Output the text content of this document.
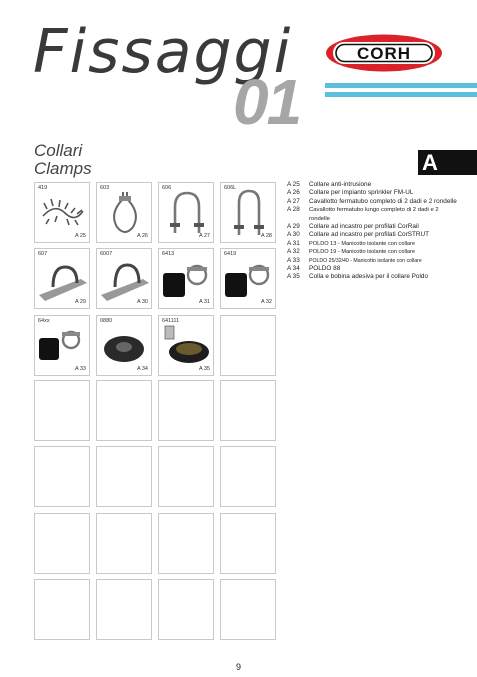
Fissaggi
01
CORH
Collari
Clamps	A
419
A 25
603
A 26
606
A 27
606L
A 28
607
A 29
6007
A 30
6413
A 31
6419
A 32
64xx
A 33
0880
A 34
641111
A 35
A 25	Collare anti-intrusione
A 26	Collare per impianto sprinkler FM-UL
A 27	Cavallotto fermatubo completo di 2 dadi e 2 rondelle
A 28	Cavallotto fermatubo lungo completo di 2 dadi e 2 rondelle
A 29	Collare ad incastro per profilati CorRail
A 30	Collare ad incastro per profilati CorSTRUT
A 31	POLDO 13 - Manicotto isolante con collare
A 32	POLDO 19 - Manicotto isolante con collare
A 33	POLDO 25/32/40 - Manicotto isolante con collare
A 34	POLDO 88
A 35	Colla e bobina adesiva per il collare Poldo
9
